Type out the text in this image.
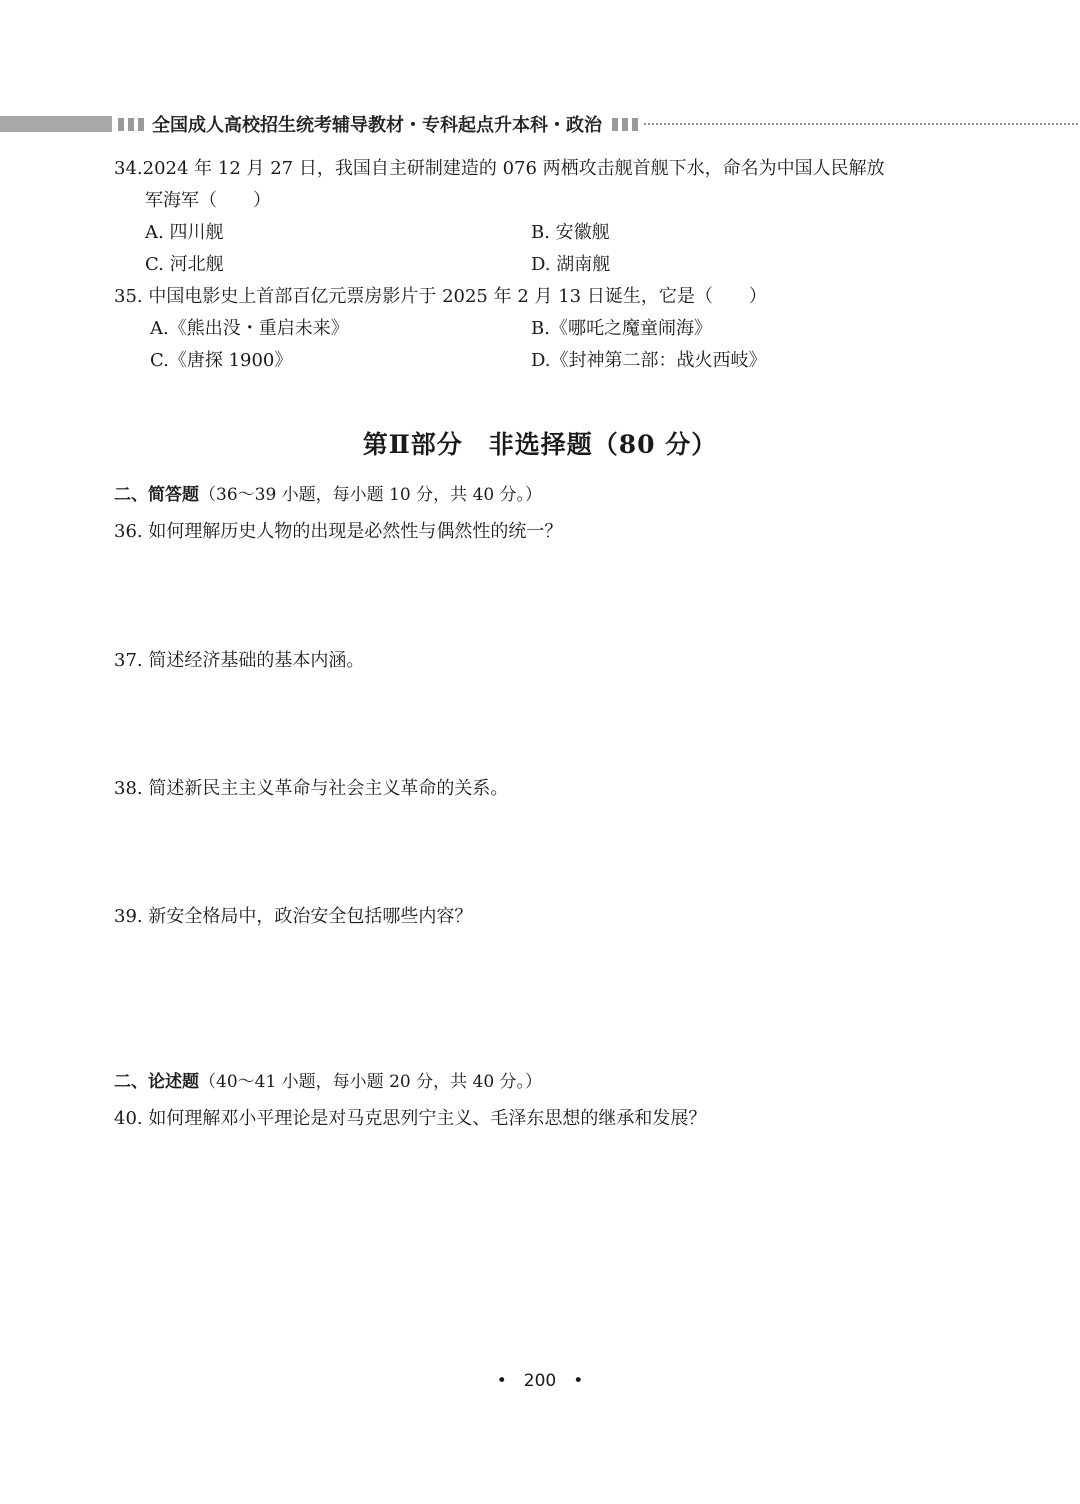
全国成人高校招生统考辅导教材・专科起点升本科・政治
34.2024 年 12 月 27 日，我国自主研制建造的 076 两栖攻击舰首舰下水，命名为中国人民解放
军海军（　　）
A. 四川舰	B. 安徽舰
C. 河北舰	D. 湖南舰
35. 中国电影史上首部百亿元票房影片于 2025 年 2 月 13 日诞生，它是（　　）
A.《熊出没・重启未来》	B.《哪吒之魔童闹海》
C.《唐探 1900》	D.《封神第二部：战火西岐》
第Ⅱ部分　非选择题（80 分）
二、简答题（36～39 小题，每小题 10 分，共 40 分。）
36. 如何理解历史人物的出现是必然性与偶然性的统一？
37. 简述经济基础的基本内涵。
38. 简述新民主主义革命与社会主义革命的关系。
39. 新安全格局中，政治安全包括哪些内容？
二、论述题（40～41 小题，每小题 20 分，共 40 分。）
40. 如何理解邓小平理论是对马克思列宁主义、毛泽东思想的继承和发展？
•　200　•
